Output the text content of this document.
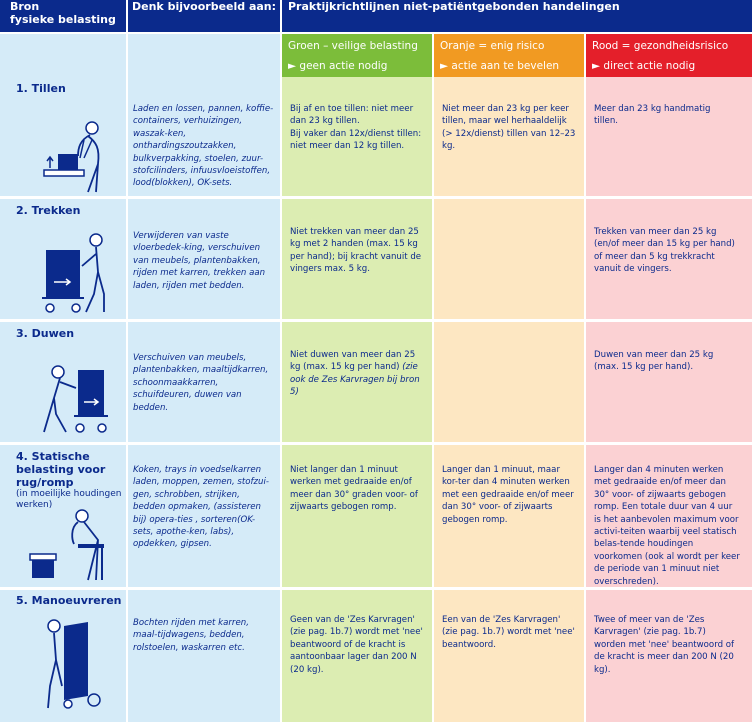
Bron
fysieke belasting
Denk bijvoorbeeld aan:	Praktijkrichtlijnen niet-patiëntgebonden handelingen
Groen – veilige belasting
► geen actie nodig
Oranje = enig risico
► actie aan te bevelen
Rood = gezondheidsrisico
► direct actie nodig
1. Tillen
Laden en lossen, pannen, koffie-containers, verhuizingen, waszak-ken, onthardingszoutzakken, bulkverpakking, stoelen, zuur-stofcilinders, infuusvloeistoffen, lood(blokken), OK-sets.
Bij af en toe tillen: niet meer dan 23 kg tillen.
Bij vaker dan 12x/dienst tillen: niet meer dan 12 kg tillen.
Niet meer dan 23 kg per keer tillen, maar wel herhaaldelijk (> 12x/dienst) tillen van 12–23 kg.
Meer dan 23 kg handmatig tillen.
2. Trekken
Verwijderen van vaste vloerbedek-king, verschuiven van meubels, plantenbakken, rijden met karren, trekken aan laden, rijden met bedden.
Niet trekken van meer dan 25 kg met 2 handen (max. 15 kg per hand); bij kracht vanuit de vingers max. 5 kg.
Trekken van meer dan 25 kg (en/of meer dan 15 kg per hand) of meer dan 5 kg trekkracht vanuit de vingers.
3. Duwen
Verschuiven van meubels, plantenbakken, maaltijdkarren, schoonmaakkarren, schuifdeuren, duwen van bedden.
Niet duwen van meer dan 25 kg (max. 15 kg per hand) (zie ook de Zes Karvragen bij bron 5)
Duwen van meer dan 25 kg (max. 15 kg per hand).
4. Statische belasting voor rug/romp
(in moeilijke houdingen werken)
Koken, trays in voedselkarren laden, moppen, zemen, stofzui-gen, schrobben, strijken, bedden opmaken, (assisteren bij) opera-ties , sorteren(OK-sets, apothe-ken, labs), opdekken, gipsen.
Niet langer dan 1 minuut werken met gedraaide en/of meer dan 30° graden voor- of zijwaarts gebogen romp.
Langer dan 1 minuut, maar kor-ter dan 4 minuten werken met een gedraaide en/of meer dan 30° voor- of zijwaarts gebogen romp.
Langer dan 4 minuten werken met gedraaide en/of meer dan 30° voor- of zijwaarts gebogen romp. Een totale duur van 4 uur is het aanbevolen maximum voor activi-teiten waarbij veel statisch belas-tende houdingen voorkomen (ook al wordt per keer de periode van 1 minuut niet overschreden).
5. Manoeuvreren
Bochten rijden met karren, maal-tijdwagens, bedden, rolstoelen, waskarren etc.
Geen van de 'Zes Karvragen' (zie pag. 1b.7) wordt met 'nee' beantwoord of de kracht is aantoonbaar lager dan 200 N (20 kg).
Een van de 'Zes Karvragen' (zie pag. 1b.7) wordt met 'nee' beantwoord.
Twee of meer van de 'Zes Karvragen' (zie pag. 1b.7) worden met 'nee' beantwoord of de kracht is meer dan 200 N (20 kg).
